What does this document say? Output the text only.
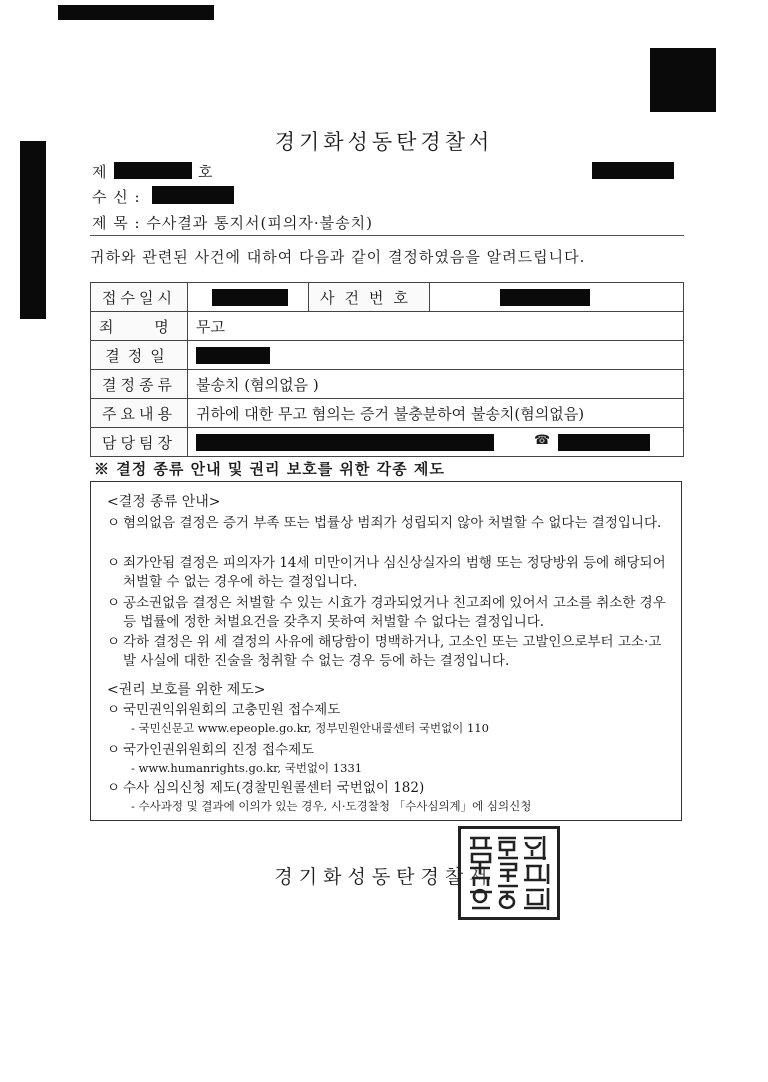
경기화성동탄경찰서
제	호
수 신 :
제 목 : 수사결과 통지서(피의자·불송치)
귀하와 관련된 사건에 대하여 다음과 같이 결정하였음을 알려드립니다.
접수일시		사건번호	
죄 명	무고		
결정일			
결정종류	불송치 (혐의없음 )		
주요내용	귀하에 대한 무고 혐의는 증거 불충분하여 불송치(혐의없음)		
담당팀장	☎		
※ 결정 종류 안내 및 권리 보호를 위한 각종 제도
<결정 종류 안내>
ㅇ 혐의없음 결정은 증거 부족 또는 법률상 범죄가 성립되지 않아 처벌할 수 없다는 결정입니다.
ㅇ 죄가안됨 결정은 피의자가 14세 미만이거나 심신상실자의 범행 또는 정당방위 등에 해당되어 처벌할 수 없는 경우에 하는 결정입니다.
ㅇ 공소권없음 결정은 처벌할 수 있는 시효가 경과되었거나 친고죄에 있어서 고소를 취소한 경우 등 법률에 정한 처벌요건을 갖추지 못하여 처벌할 수 없다는 결정입니다.
ㅇ 각하 결정은 위 세 결정의 사유에 해당함이 명백하거나, 고소인 또는 고발인으로부터 고소·고발 사실에 대한 진술을 청취할 수 없는 경우 등에 하는 결정입니다.
<권리 보호를 위한 제도>
ㅇ 국민권익위원회의 고충민원 접수제도
- 국민신문고 www.epeople.go.kr, 정부민원안내콜센터 국번없이 110
ㅇ 국가인권위원회의 진정 접수제도
- www.humanrights.go.kr, 국번없이 1331
ㅇ 수사 심의신청 제도(경찰민원콜센터 국번없이 182)
- 수사과정 및 결과에 이의가 있는 경우, 시·도경찰청 「수사심의계」에 심의신청
경기화성동탄경찰서
